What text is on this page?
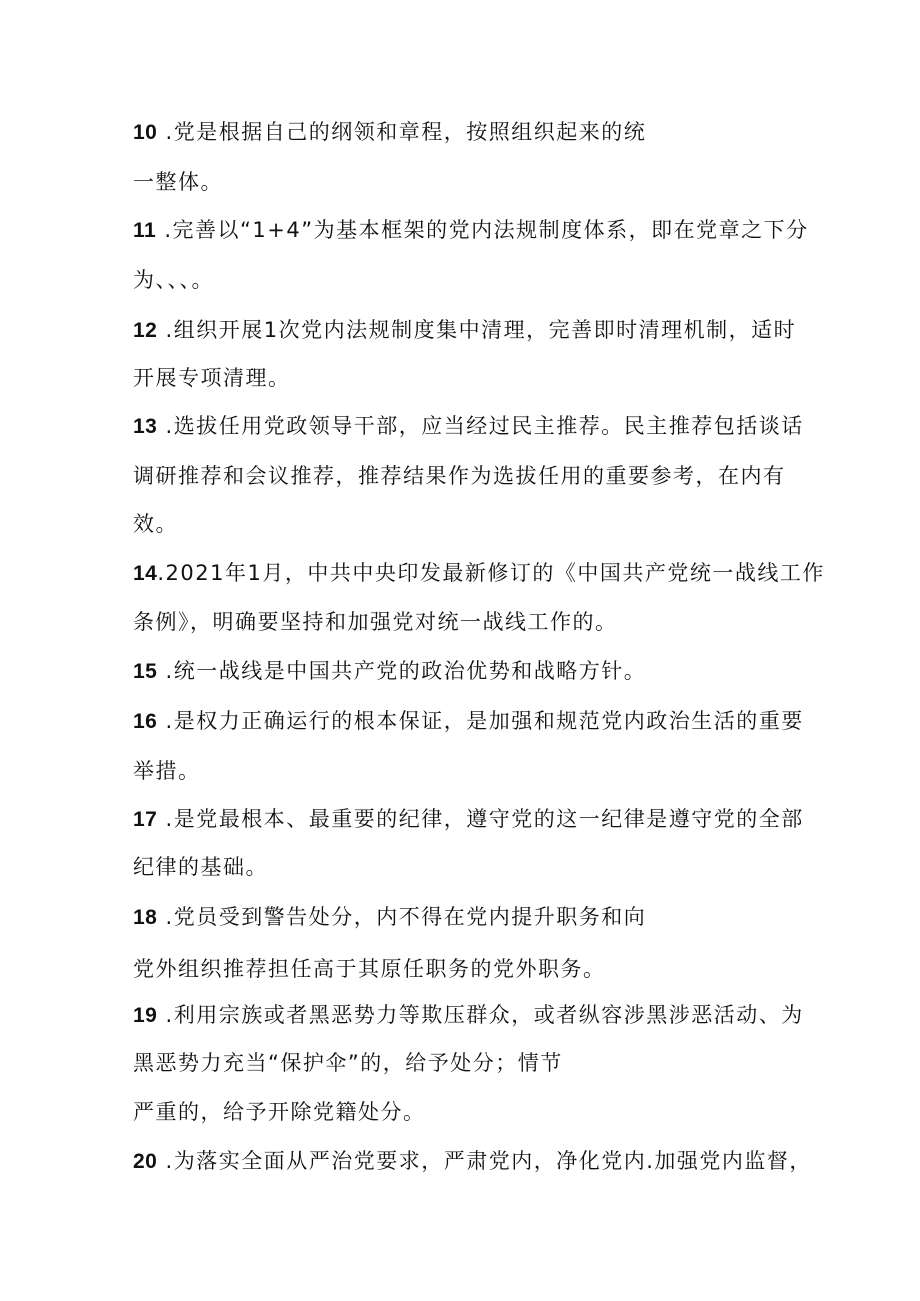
10 .党是根据自己的纲领和章程，按照组织起来的统
一整体。
11 .完善以“1+4”为基本框架的党内法规制度体系，即在党章之下分
为、、、。
12 .组织开展1次党内法规制度集中清理，完善即时清理机制，适时
开展专项清理。
13 .选拔任用党政领导干部，应当经过民主推荐。民主推荐包括谈话
调研推荐和会议推荐，推荐结果作为选拔任用的重要参考，在内有
效。
14.2021年1月，中共中央印发最新修订的《中国共产党统一战线工作
条例》，明确要坚持和加强党对统一战线工作的。
15 .统一战线是中国共产党的政治优势和战略方针。
16 .是权力正确运行的根本保证，是加强和规范党内政治生活的重要
举措。
17 .是党最根本、最重要的纪律，遵守党的这一纪律是遵守党的全部
纪律的基础。
18 .党员受到警告处分，内不得在党内提升职务和向
党外组织推荐担任高于其原任职务的党外职务。
19 .利用宗族或者黑恶势力等欺压群众，或者纵容涉黑涉恶活动、为
黑恶势力充当“保护伞”的，给予处分；情节
严重的，给予开除党籍处分。
20 .为落实全面从严治党要求，严肃党内，净化党内.加强党内监督，
